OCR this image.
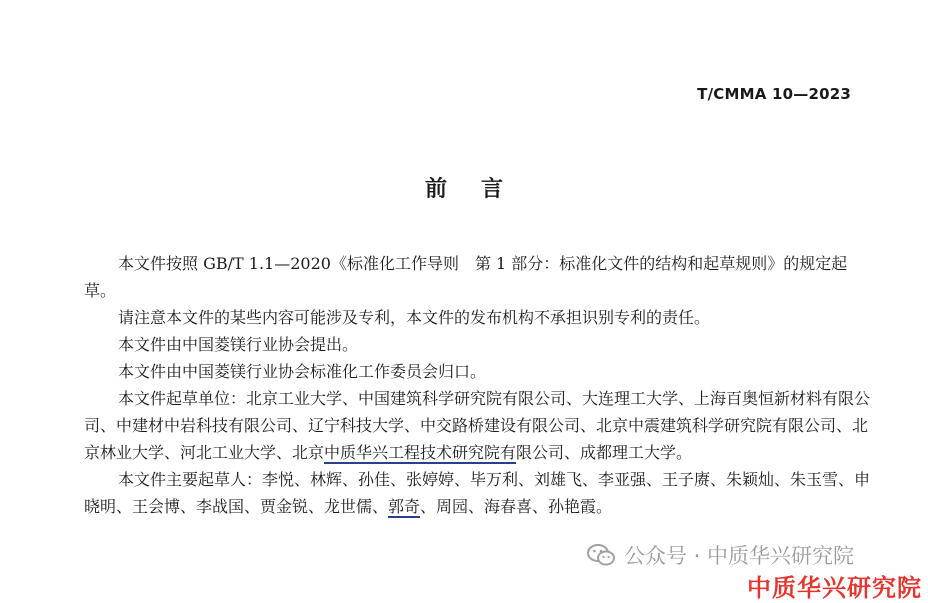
T/CMMA 10—2023
前言

本文件按照 GB/T 1.1—2020《标准化工作导则　第 1 部分：标准化文件的结构和起草规则》的规定起草。

请注意本文件的某些内容可能涉及专利，本文件的发布机构不承担识别专利的责任。

本文件由中国菱镁行业协会提出。

本文件由中国菱镁行业协会标准化工作委员会归口。

本文件起草单位：北京工业大学、中国建筑科学研究院有限公司、大连理工大学、上海百奥恒新材料有限公司、中建材中岩科技有限公司、辽宁科技大学、中交路桥建设有限公司、北京中震建筑科学研究院有限公司、北京林业大学、河北工业大学、北京中质华兴工程技术研究院有限公司、成都理工大学。

本文件主要起草人：李悦、林辉、孙佳、张婷婷、毕万利、刘雄飞、李亚强、王子赓、朱颖灿、朱玉雪、申晓明、王会博、李战国、贾金锐、龙世儒、郭奇、周园、海春喜、孙艳霞。

公众号 · 中质华兴研究院
中质华兴研究院
